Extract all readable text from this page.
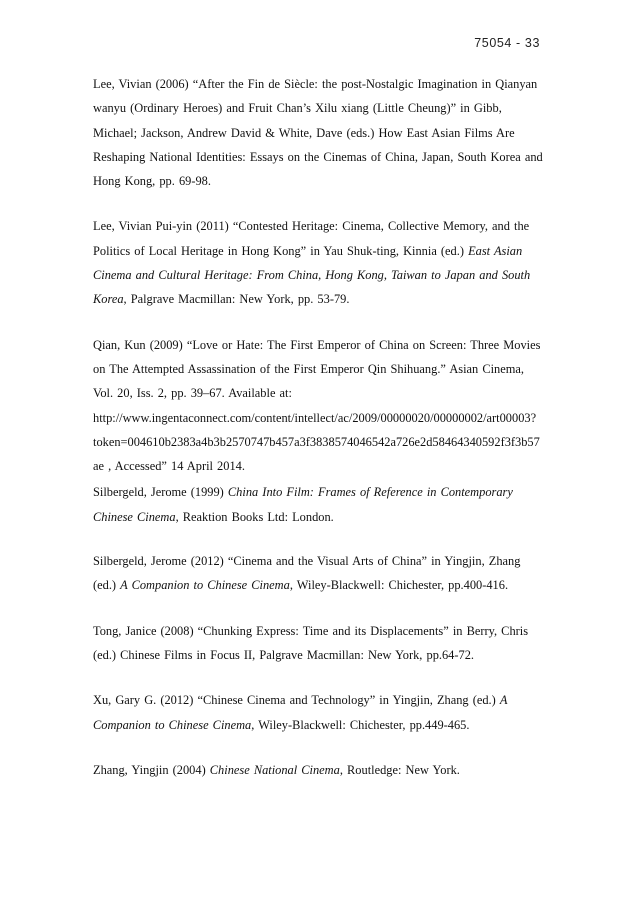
75054 - 33

Lee, Vivian (2006) “After the Fin de Siècle: the post-Nostalgic Imagination in Qianyan wanyu (Ordinary Heroes) and Fruit Chan’s Xilu xiang (Little Cheung)” in Gibb, Michael; Jackson, Andrew David & White, Dave (eds.) How East Asian Films Are Reshaping National Identities: Essays on the Cinemas of China, Japan, South Korea and Hong Kong, pp. 69-98.

Lee, Vivian Pui-yin (2011) “Contested Heritage: Cinema, Collective Memory, and the Politics of Local Heritage in Hong Kong” in Yau Shuk-ting, Kinnia (ed.) East Asian Cinema and Cultural Heritage: From China, Hong Kong, Taiwan to Japan and South Korea, Palgrave Macmillan: New York, pp. 53-79.

Qian, Kun (2009) “Love or Hate: The First Emperor of China on Screen: Three Movies on The Attempted Assassination of the First Emperor Qin Shihuang.” Asian Cinema, Vol. 20, Iss. 2, pp. 39–67. Available at:
http://www.ingentaconnect.com/content/intellect/ac/2009/00000020/00000002/art00003?token=004610b2383a4b3b2570747b457a3f3838574046542a726e2d58464340592f3f3b57ae , Accessed” 14 April 2014.

Silbergeld, Jerome (1999) China Into Film: Frames of Reference in Contemporary Chinese Cinema, Reaktion Books Ltd: London.

Silbergeld, Jerome (2012) “Cinema and the Visual Arts of China” in Yingjin, Zhang (ed.) A Companion to Chinese Cinema, Wiley-Blackwell: Chichester, pp.400-416.

Tong, Janice (2008) “Chunking Express: Time and its Displacements” in Berry, Chris (ed.) Chinese Films in Focus II, Palgrave Macmillan: New York, pp.64-72.

Xu, Gary G. (2012) “Chinese Cinema and Technology” in Yingjin, Zhang (ed.) A Companion to Chinese Cinema, Wiley-Blackwell: Chichester, pp.449-465.

Zhang, Yingjin (2004) Chinese National Cinema, Routledge: New York.
